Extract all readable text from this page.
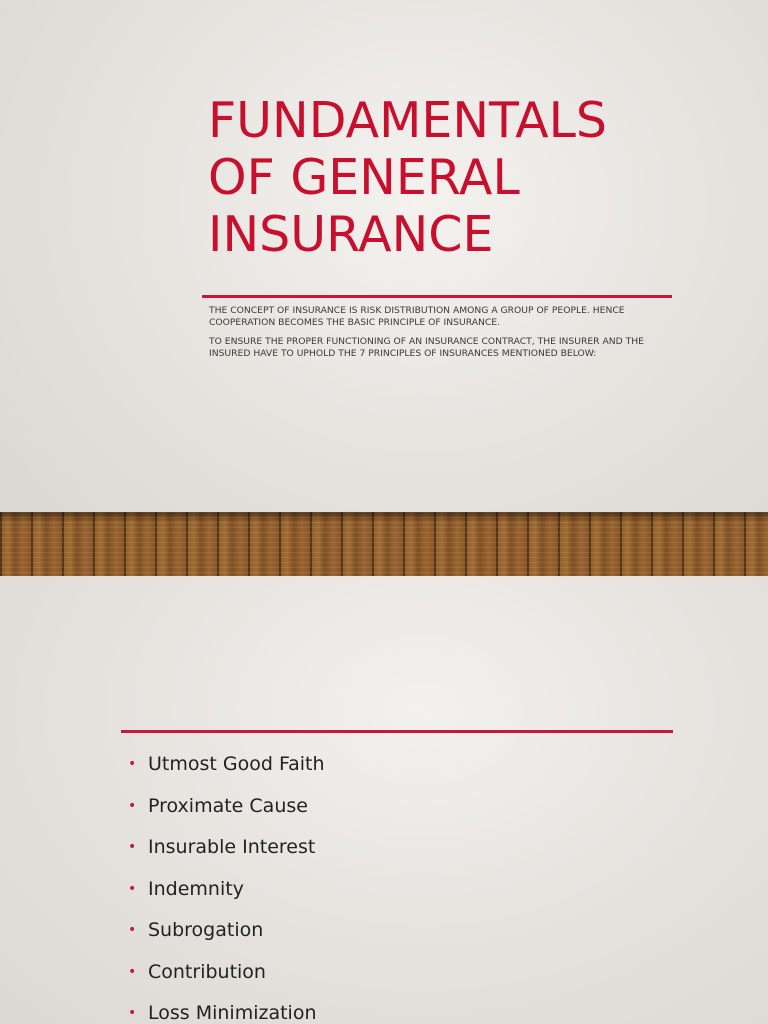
FUNDAMENTALS
OF GENERAL
INSURANCE

THE CONCEPT OF INSURANCE IS RISK DISTRIBUTION AMONG A GROUP OF PEOPLE. HENCE COOPERATION BECOMES THE BASIC PRINCIPLE OF INSURANCE.

TO ENSURE THE PROPER FUNCTIONING OF AN INSURANCE CONTRACT, THE INSURER AND THE INSURED HAVE TO UPHOLD THE 7 PRINCIPLES OF INSURANCES MENTIONED BELOW:

• Utmost Good Faith
• Proximate Cause
• Insurable Interest
• Indemnity
• Subrogation
• Contribution
• Loss Minimization
